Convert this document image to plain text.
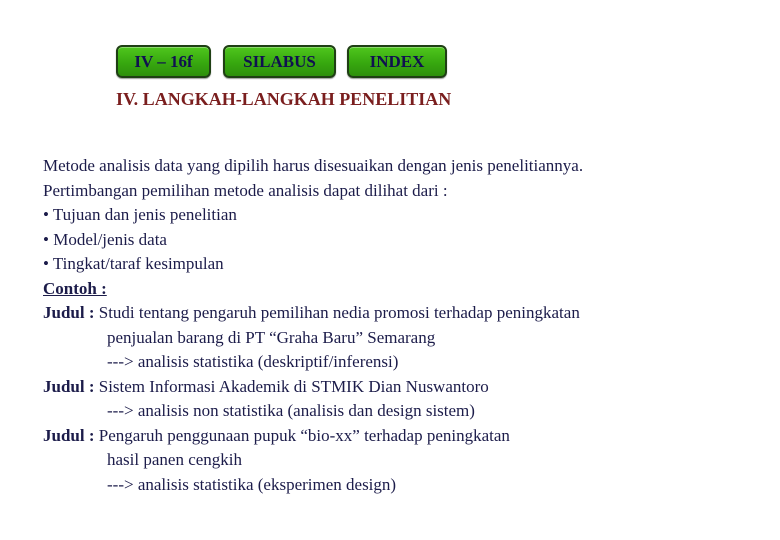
IV – 16f	SILABUS	INDEX
IV. LANGKAH-LANGKAH PENELITIAN
Metode analisis data yang dipilih harus disesuaikan dengan jenis penelitiannya.
Pertimbangan pemilihan metode analisis dapat dilihat dari :
• Tujuan dan jenis penelitian
• Model/jenis data
• Tingkat/taraf kesimpulan
Contoh :
Judul : Studi tentang pengaruh pemilihan nedia promosi terhadap peningkatan
penjualan barang di PT “Graha Baru” Semarang
---> analisis statistika (deskriptif/inferensi)
Judul : Sistem Informasi Akademik di STMIK Dian Nuswantoro
---> analisis non statistika (analisis dan design sistem)
Judul : Pengaruh penggunaan pupuk “bio-xx” terhadap peningkatan
hasil panen cengkih
---> analisis statistika (eksperimen design)
